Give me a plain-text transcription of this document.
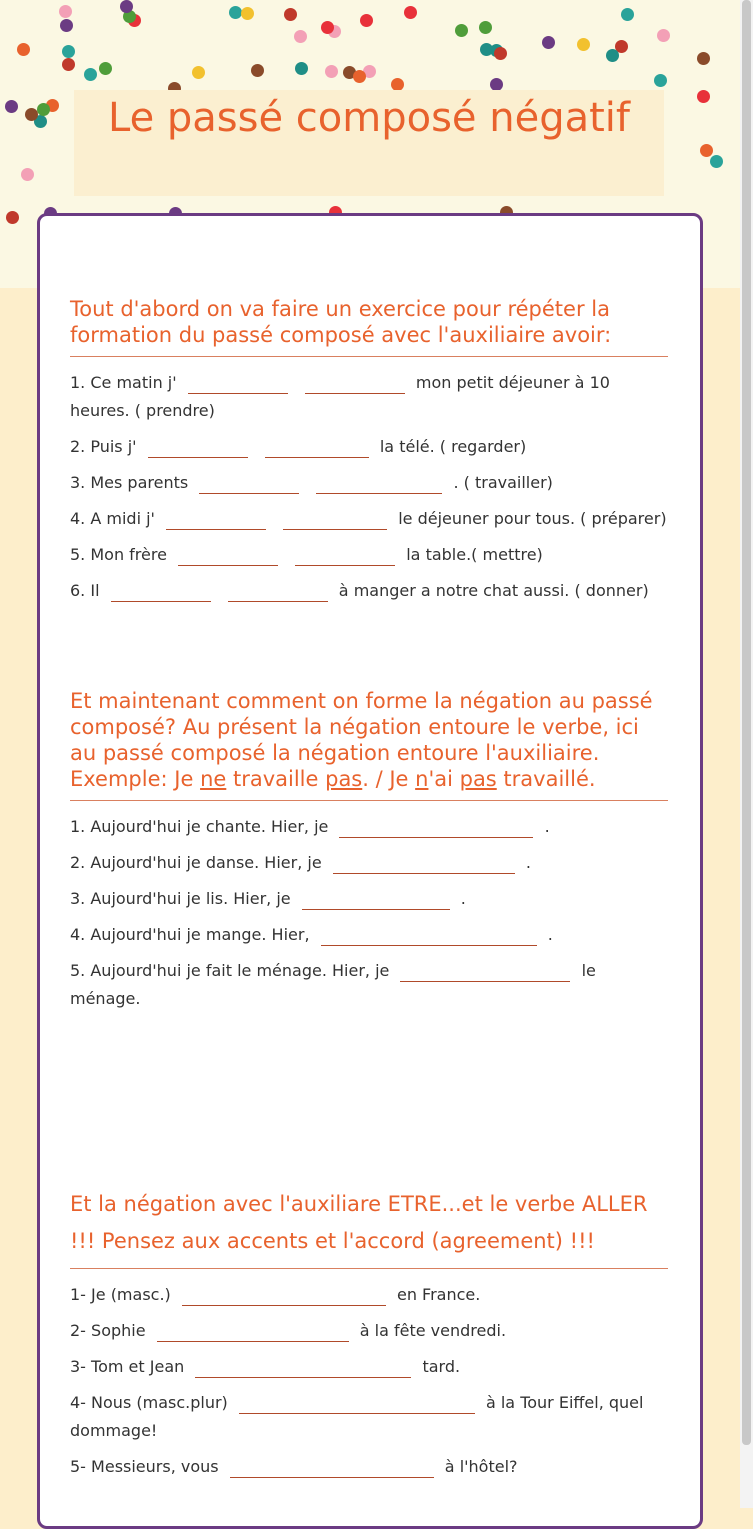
Le passé composé négatif
Tout d'abord on va faire un exercice pour répéter la formation du passé composé avec l'auxiliaire avoir:
1. Ce matin j'	mon petit déjeuner à 10 heures. ( prendre)
2. Puis j'	la télé. ( regarder)
3. Mes parents	. ( travailler)
4. A midi j'	le déjeuner pour tous. ( préparer)
5. Mon frère	la table.( mettre)
6. Il	à manger a notre chat aussi. ( donner)
Et maintenant comment on forme la négation au passé composé? Au présent la négation entoure le verbe, ici au passé composé la négation entoure l'auxiliaire. Exemple: Je ne travaille pas. / Je n'ai pas travaillé.
1. Aujourd'hui je chante. Hier, je	.
2. Aujourd'hui je danse. Hier, je	.
3. Aujourd'hui je lis. Hier, je	.
4. Aujourd'hui je mange. Hier,	.
5. Aujourd'hui je fait le ménage. Hier, je	le ménage.
Et la négation avec l'auxiliare ETRE...et le verbe ALLER !!! Pensez aux accents et l'accord (agreement) !!!
1- Je (masc.)	en France.
2- Sophie	à la fête vendredi.
3- Tom et Jean	tard.
4- Nous (masc.plur)	à la Tour Eiffel, quel dommage!
5- Messieurs, vous	à l'hôtel?
